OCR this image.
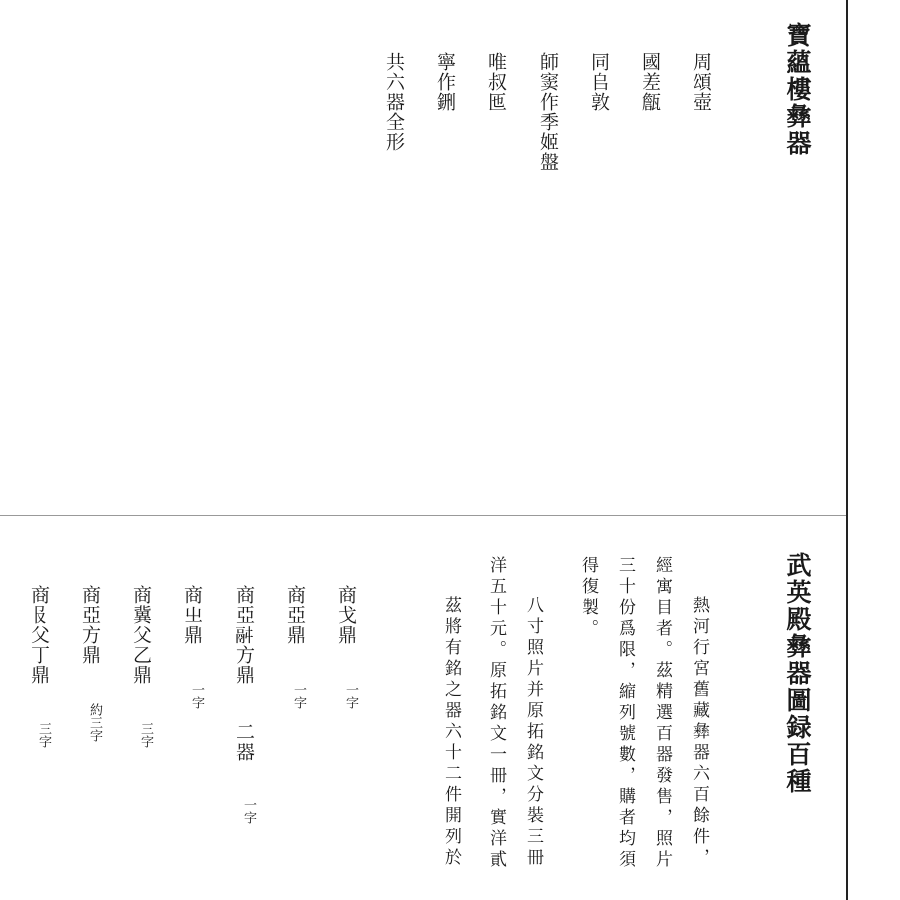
寶蘊樓彝器
周頌壺
國差甔
同𠂤敦
師窦作季姬盤
唯叔匜
寧作鉶
共六器全形
武英殿彝器圖録百種
熱河行宮舊藏彝器六百餘件，
經寓目者。茲精選百器發售，照片
三十份爲限，縮列號數，購者均須
得復製。
八寸照片并原拓銘文分裝三冊
洋五十元。原拓銘文一冊，實洋貳
茲將有銘之器六十二件開列於
商戈鼎
一字
商亞鼎
一字
商亞𩰫方鼎
二器
一字
商㞢鼎
一字
商冀父乙鼎
三字
商亞方鼎
約三字
商𠬝父丁鼎
三字
